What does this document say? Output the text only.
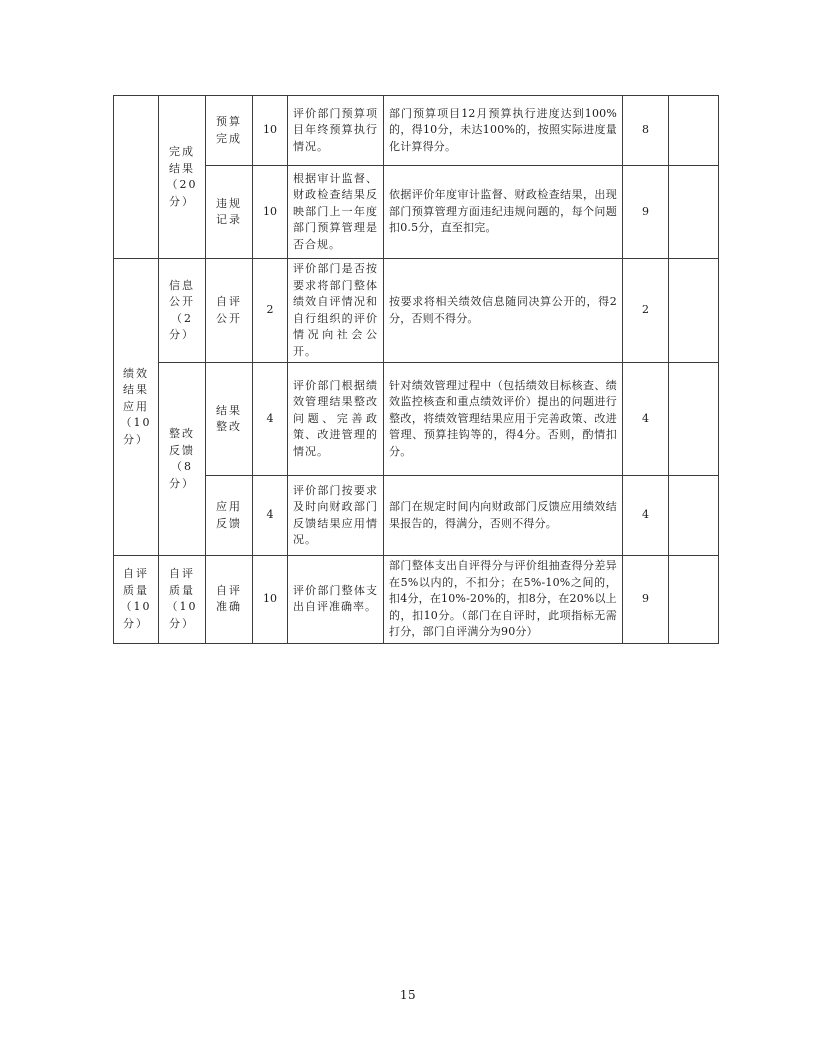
	完成结果（20分）	预算完成	10	评价部门预算项目年终预算执行情况。	部门预算项目12月预算执行进度达到100%的，得10分，未达100%的，按照实际进度量化计算得分。	8	
		违规记录	10	根据审计监督、财政检查结果反映部门上一年度部门预算管理是否合规。	依据评价年度审计监督、财政检查结果，出现部门预算管理方面违纪违规问题的，每个问题扣0.5分，直至扣完。	9	
绩效结果应用（10分）	信息公开（2分）	自评公开	2	评价部门是否按要求将部门整体绩效自评情况和自行组织的评价情况向社会公开。	按要求将相关绩效信息随同决算公开的，得2分，否则不得分。	2	
	整改反馈（8分）	结果整改	4	评价部门根据绩效管理结果整改问题、完善政策、改进管理的情况。	针对绩效管理过程中（包括绩效目标核查、绩效监控核查和重点绩效评价）提出的问题进行整改，将绩效管理结果应用于完善政策、改进管理、预算挂钩等的，得4分。否则，酌情扣分。	4	
		应用反馈	4	评价部门按要求及时向财政部门反馈结果应用情况。	部门在规定时间内向财政部门反馈应用绩效结果报告的，得满分，否则不得分。	4	
自评质量（10分）	自评质量（10分）	自评准确	10	评价部门整体支出自评准确率。	部门整体支出自评得分与评价组抽查得分差异在5%以内的，不扣分；在5%-10%之间的，扣4分，在10%-20%的，扣8分，在20%以上的，扣10分。（部门在自评时，此项指标无需打分，部门自评满分为90分）	9	
15
